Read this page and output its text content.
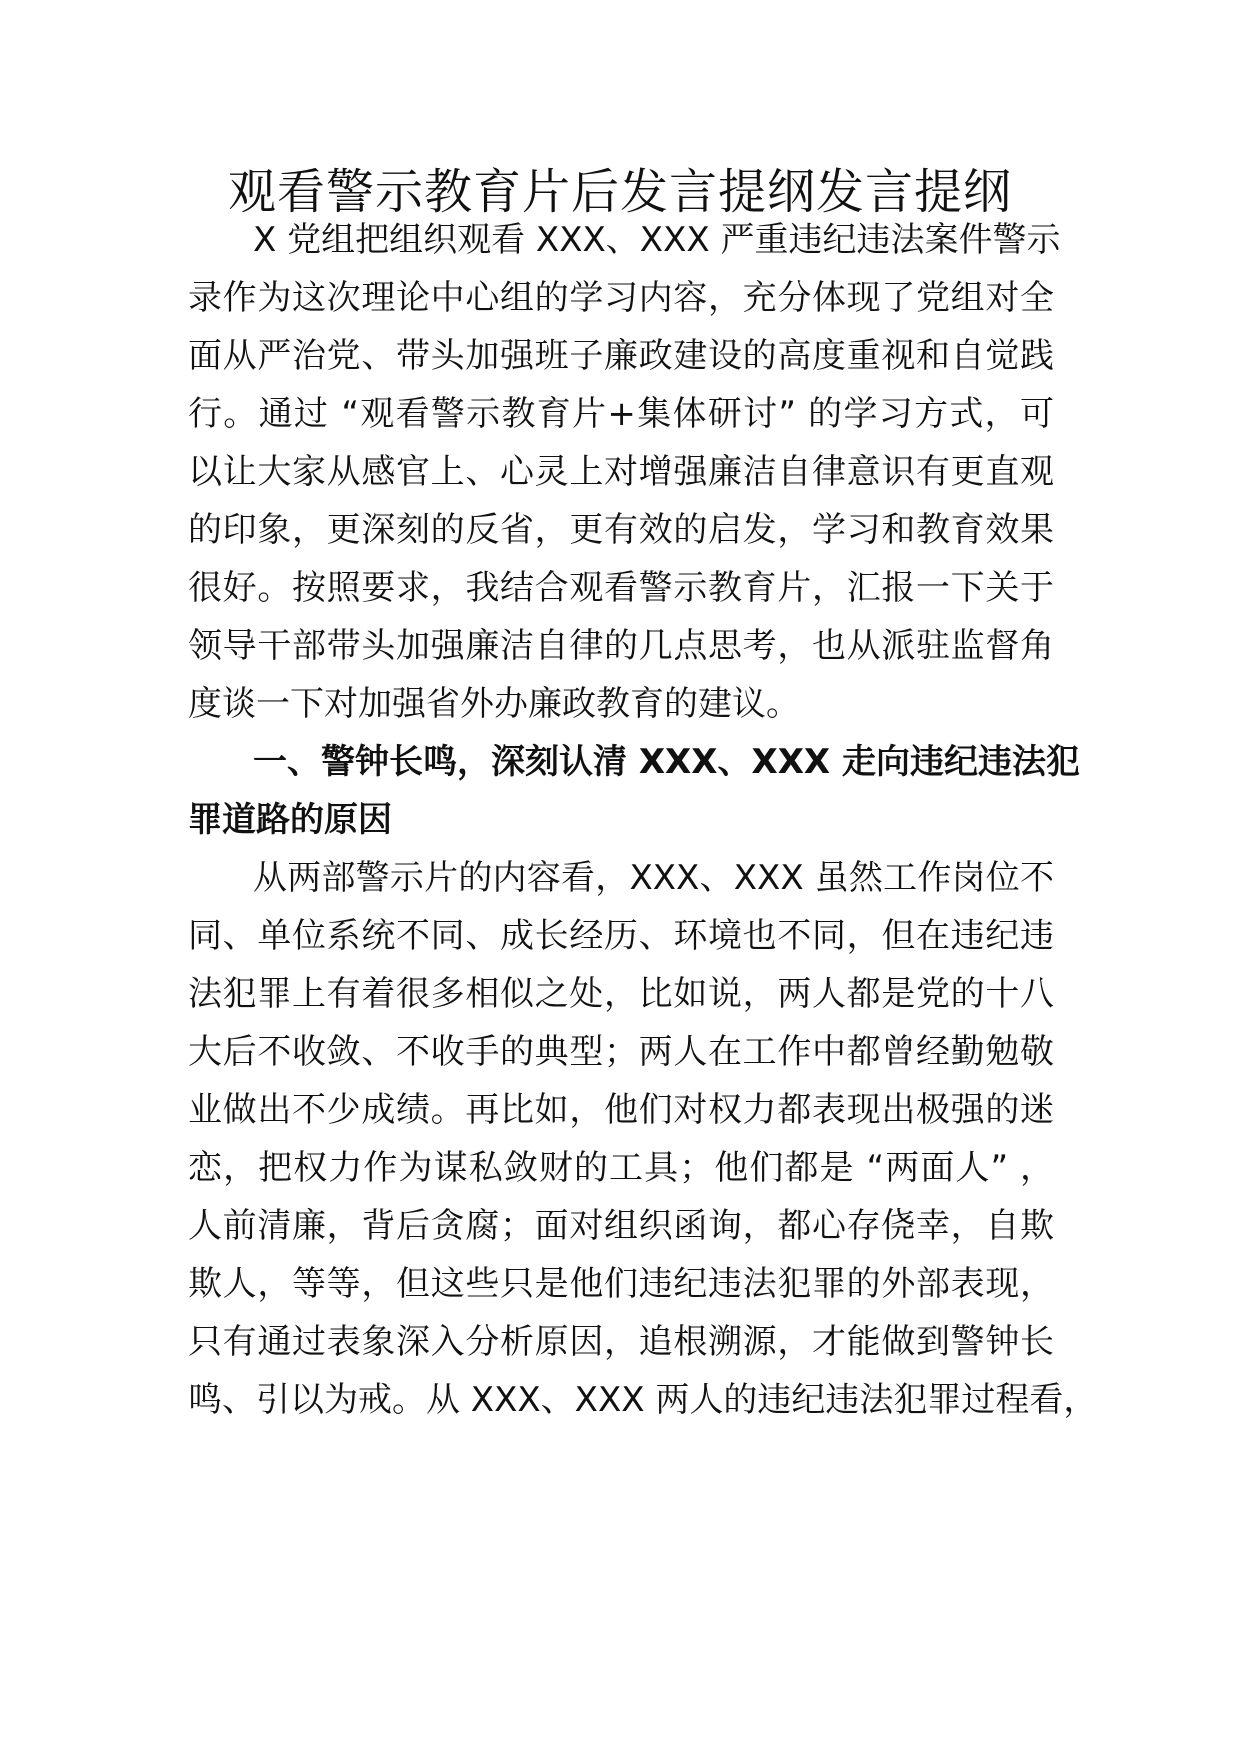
观看警示教育片后发言提纲发言提纲
X 党组把组织观看 XXX、XXX 严重违纪违法案件警示
录作为这次理论中心组的学习内容，充分体现了党组对全
面从严治党、带头加强班子廉政建设的高度重视和自觉践
行。通过 “观看警示教育片+集体研讨” 的学习方式，可
以让大家从感官上、心灵上对增强廉洁自律意识有更直观
的印象，更深刻的反省，更有效的启发，学习和教育效果
很好。按照要求，我结合观看警示教育片，汇报一下关于
领导干部带头加强廉洁自律的几点思考，也从派驻监督角
度谈一下对加强省外办廉政教育的建议。
一、警钟长鸣，深刻认清 XXX、XXX 走向违纪违法犯
罪道路的原因
从两部警示片的内容看，XXX、XXX 虽然工作岗位不
同、单位系统不同、成长经历、环境也不同，但在违纪违
法犯罪上有着很多相似之处，比如说，两人都是党的十八
大后不收敛、不收手的典型；两人在工作中都曾经勤勉敬
业做出不少成绩。再比如，他们对权力都表现出极强的迷
恋，把权力作为谋私敛财的工具；他们都是 “两面人” ，
人前清廉，背后贪腐；面对组织函询，都心存侥幸，自欺
欺人，等等，但这些只是他们违纪违法犯罪的外部表现，
只有通过表象深入分析原因，追根溯源，才能做到警钟长
鸣、引以为戒。从 XXX、XXX 两人的违纪违法犯罪过程看，
